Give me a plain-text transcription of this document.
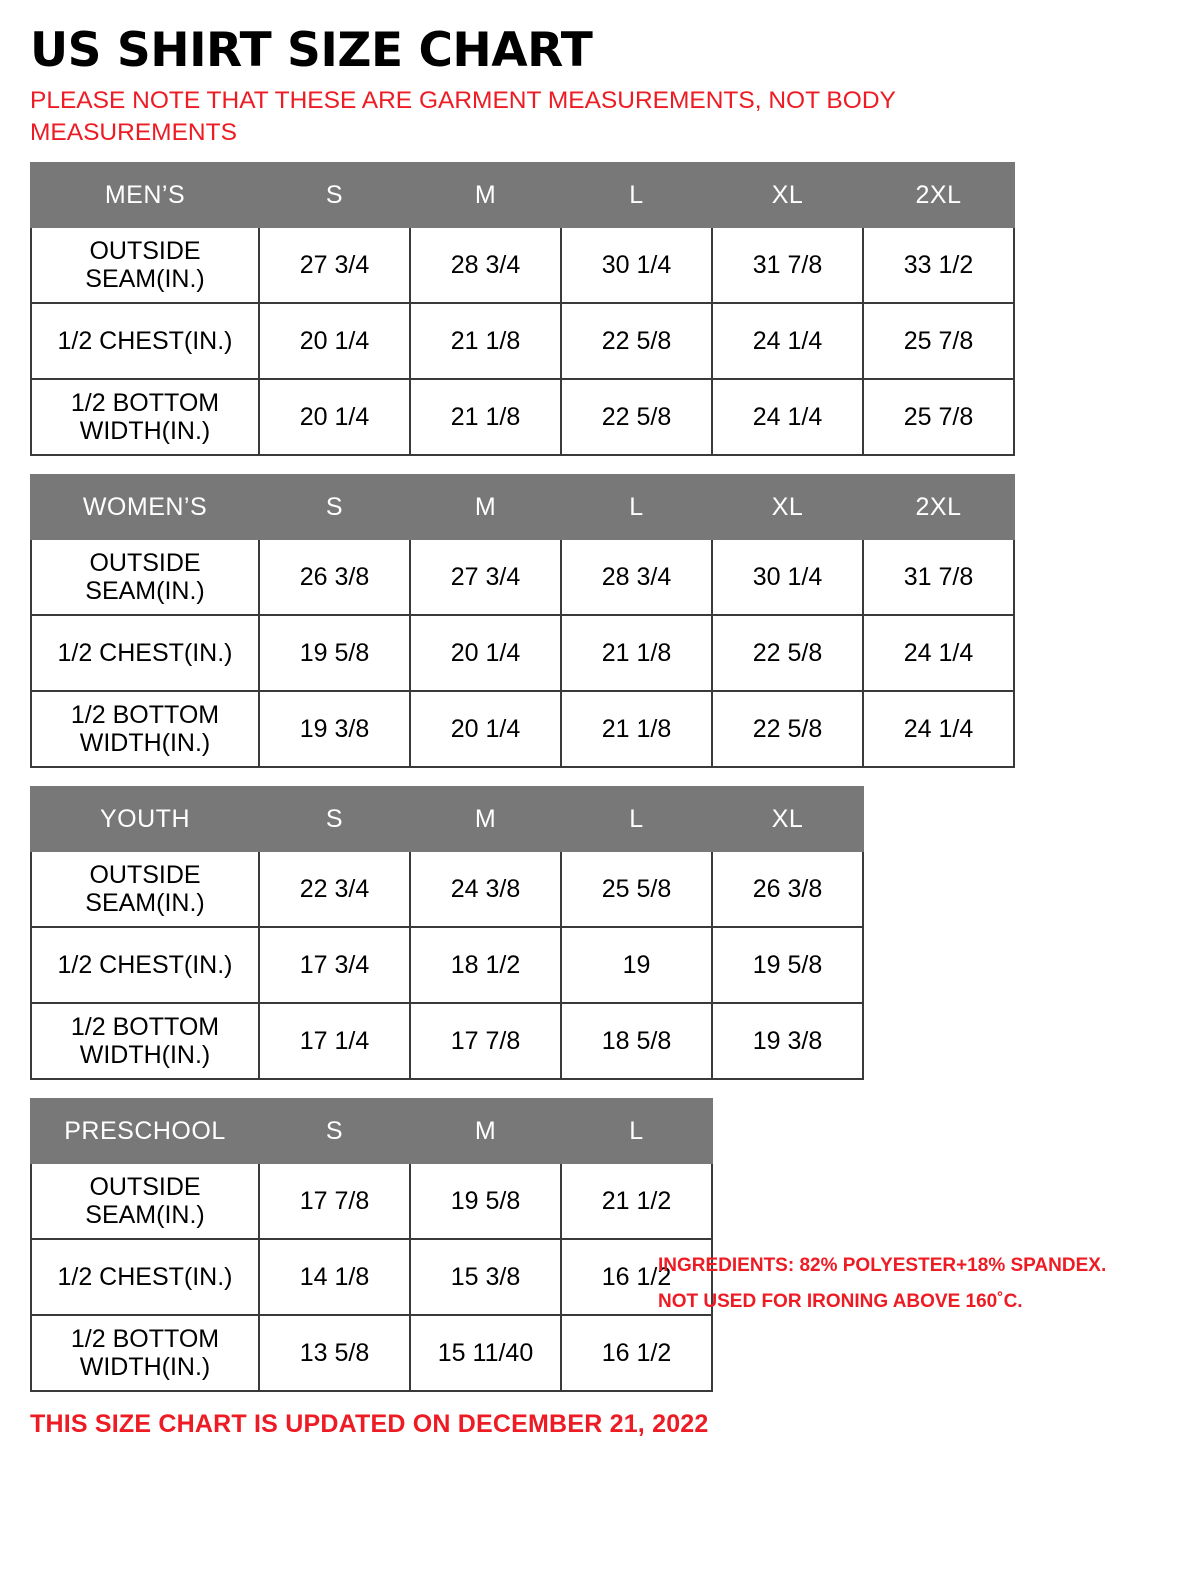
US SHIRT SIZE CHART

PLEASE NOTE THAT THESE ARE GARMENT MEASUREMENTS, NOT BODY MEASUREMENTS

MEN’S	S	M	L	XL	2XL
OUTSIDE SEAM(IN.)	27 3/4	28 3/4	30 1/4	31 7/8	33 1/2
1/2 CHEST(IN.)	20 1/4	21 1/8	22 5/8	24 1/4	25 7/8
1/2 BOTTOM WIDTH(IN.)	20 1/4	21 1/8	22 5/8	24 1/4	25 7/8
WOMEN’S	S	M	L	XL	2XL
OUTSIDE SEAM(IN.)	26 3/8	27 3/4	28 3/4	30 1/4	31 7/8
1/2 CHEST(IN.)	19 5/8	20 1/4	21 1/8	22 5/8	24 1/4
1/2 BOTTOM WIDTH(IN.)	19 3/8	20 1/4	21 1/8	22 5/8	24 1/4
YOUTH	S	M	L	XL
OUTSIDE SEAM(IN.)	22 3/4	24 3/8	25 5/8	26 3/8
1/2 CHEST(IN.)	17 3/4	18 1/2	19	19 5/8
1/2 BOTTOM WIDTH(IN.)	17 1/4	17 7/8	18 5/8	19 3/8
PRESCHOOL	S	M	L
OUTSIDE SEAM(IN.)	17 7/8	19 5/8	21 1/2
1/2 CHEST(IN.)	14 1/8	15 3/8	16 1/2
1/2 BOTTOM WIDTH(IN.)	13 5/8	15 11/40	16 1/2
INGREDIENTS: 82% POLYESTER+18% SPANDEX.
NOT USED FOR IRONING ABOVE 160˚C.
THIS SIZE CHART IS UPDATED ON DECEMBER 21, 2022
